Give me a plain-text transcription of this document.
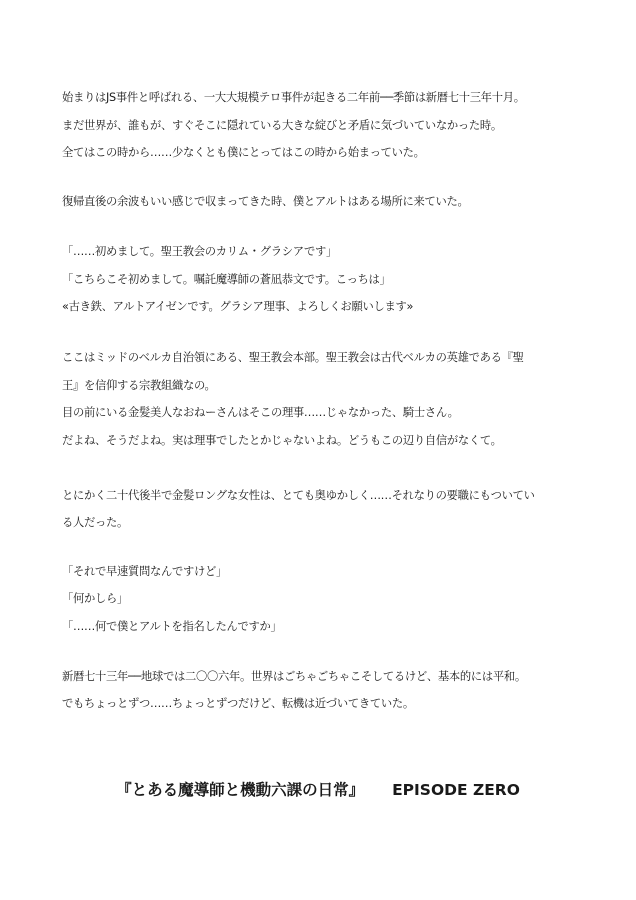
始まりはJS事件と呼ばれる、一大大規模テロ事件が起きる二年前──季節は新暦七十三年十月。
まだ世界が、誰もが、すぐそこに隠れている大きな綻びと矛盾に気づいていなかった時。
全てはこの時から……少なくとも僕にとってはこの時から始まっていた。
復帰直後の余波もいい感じで収まってきた時、僕とアルトはある場所に来ていた。
「……初めまして。聖王教会のカリム・グラシアです」
「こちらこそ初めまして。嘱託魔導師の蒼凪恭文です。こっちは」
«古き鉄、アルトアイゼンです。グラシア理事、よろしくお願いします»
ここはミッドのベルカ自治領にある、聖王教会本部。聖王教会は古代ベルカの英雄である『聖
王』を信仰する宗教組織なの。
目の前にいる金髪美人なおねーさんはそこの理事……じゃなかった、騎士さん。
だよね、そうだよね。実は理事でしたとかじゃないよね。どうもこの辺り自信がなくて。
とにかく二十代後半で金髪ロングな女性は、とても奥ゆかしく……それなりの要職にもついてい
る人だった。
「それで早速質問なんですけど」
「何かしら」
「……何で僕とアルトを指名したんですか」
新暦七十三年──地球では二〇〇六年。世界はごちゃごちゃこそしてるけど、基本的には平和。
でもちょっとずつ……ちょっとずつだけど、転機は近づいてきていた。
『とある魔導師と機動六課の日常』 EPISODE ZERO
